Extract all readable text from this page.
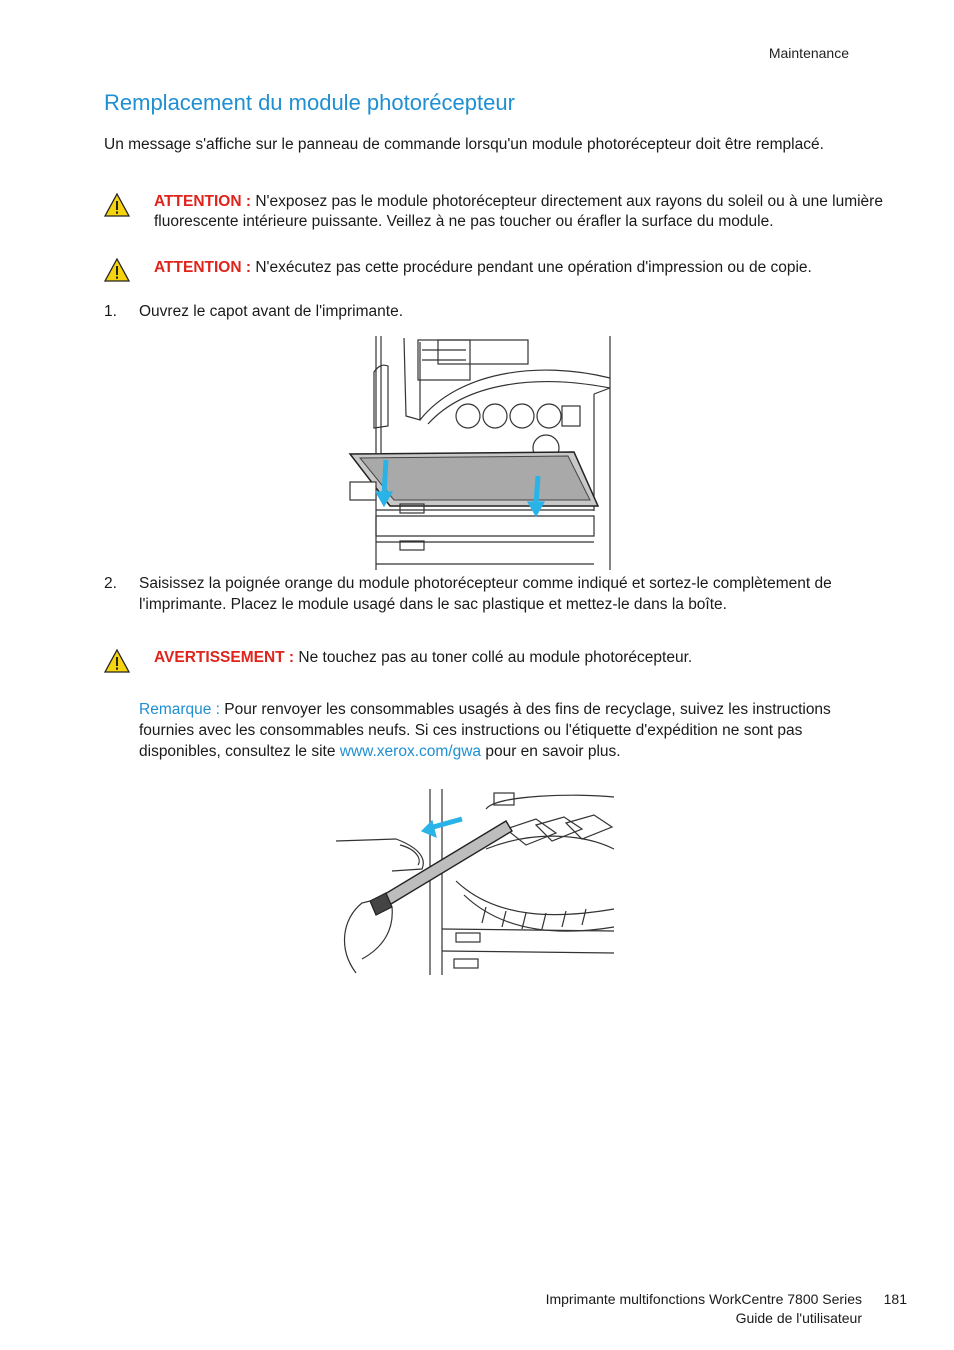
Maintenance
Remplacement du module photorécepteur

Un message s'affiche sur le panneau de commande lorsqu'un module photorécepteur doit être remplacé.

ATTENTION : N'exposez pas le module photorécepteur directement aux rayons du soleil ou à une lumière fluorescente intérieure puissante. Veillez à ne pas toucher ou érafler la surface du module.
ATTENTION : N'exécutez pas cette procédure pendant une opération d'impression ou de copie.
1. Ouvrez le capot avant de l'imprimante.
2. Saisissez la poignée orange du module photorécepteur comme indiqué et sortez-le complètement de l'imprimante. Placez le module usagé dans le sac plastique et mettez-le dans la boîte.
AVERTISSEMENT : Ne touchez pas au toner collé au module photorécepteur.
Remarque : Pour renvoyer les consommables usagés à des fins de recyclage, suivez les instructions fournies avec les consommables neufs. Si ces instructions ou l'étiquette d'expédition ne sont pas disponibles, consultez le site www.xerox.com/gwa pour en savoir plus.
Imprimante multifonctions WorkCentre 7800 Series
Guide de l'utilisateur
181
